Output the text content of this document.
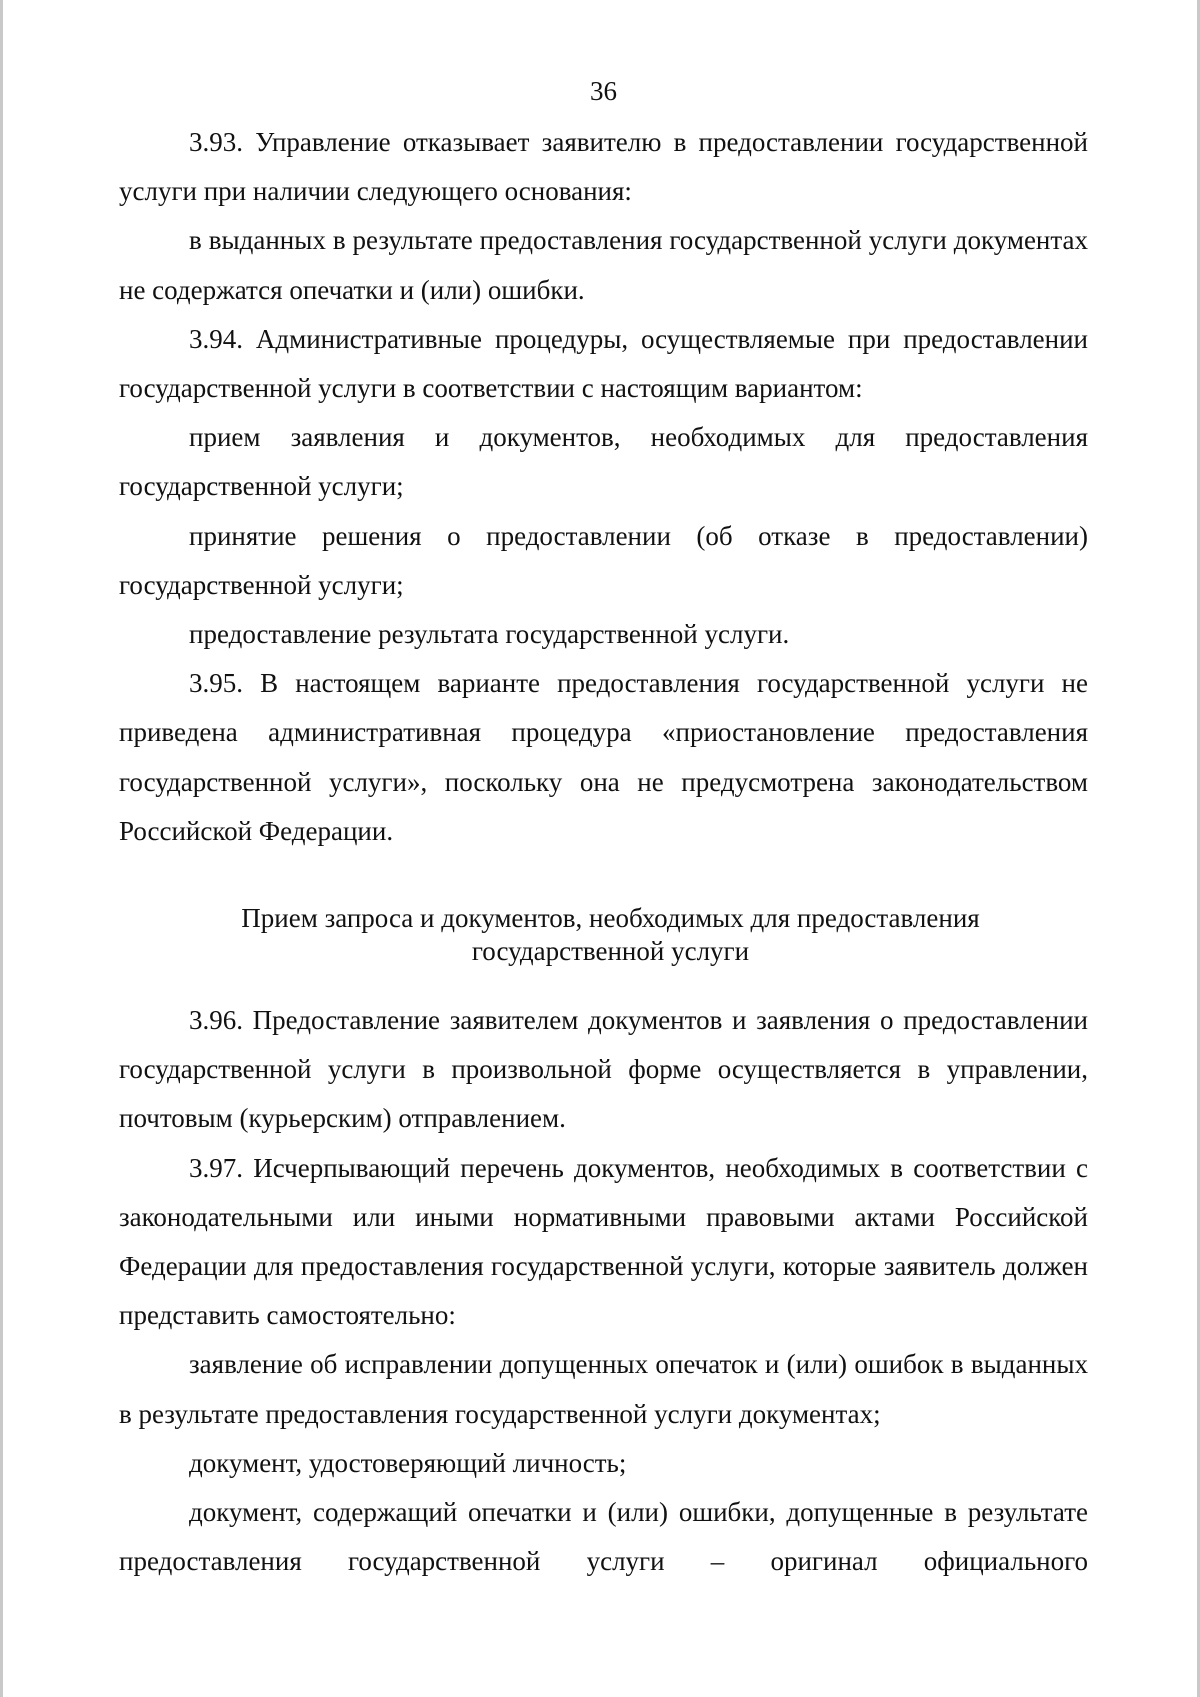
36

3.93. Управление отказывает заявителю в предоставлении государственной услуги при наличии следующего основания:

в выданных в результате предоставления государственной услуги документах не содержатся опечатки и (или) ошибки.

3.94. Административные процедуры, осуществляемые при предоставлении государственной услуги в соответствии с настоящим вариантом:

прием заявления и документов, необходимых для предоставления государственной услуги;

принятие решения о предоставлении (об отказе в предоставлении) государственной услуги;

предоставление результата государственной услуги.

3.95. В настоящем варианте предоставления государственной услуги не приведена административная процедура «приостановление предоставления государственной услуги», поскольку она не предусмотрена законодательством Российской Федерации.

Прием запроса и документов, необходимых для предоставления

государственной услуги

3.96. Предоставление заявителем документов и заявления о предоставлении государственной услуги в произвольной форме осуществляется в управлении, почтовым (курьерским) отправлением.

3.97. Исчерпывающий перечень документов, необходимых в соответствии с законодательными или иными нормативными правовыми актами Российской Федерации для предоставления государственной услуги, которые заявитель должен представить самостоятельно:

заявление об исправлении допущенных опечаток и (или) ошибок в выданных в результате предоставления государственной услуги документах;

документ, удостоверяющий личность;

документ, содержащий опечатки и (или) ошибки, допущенные в результате предоставления государственной услуги – оригинал официального
